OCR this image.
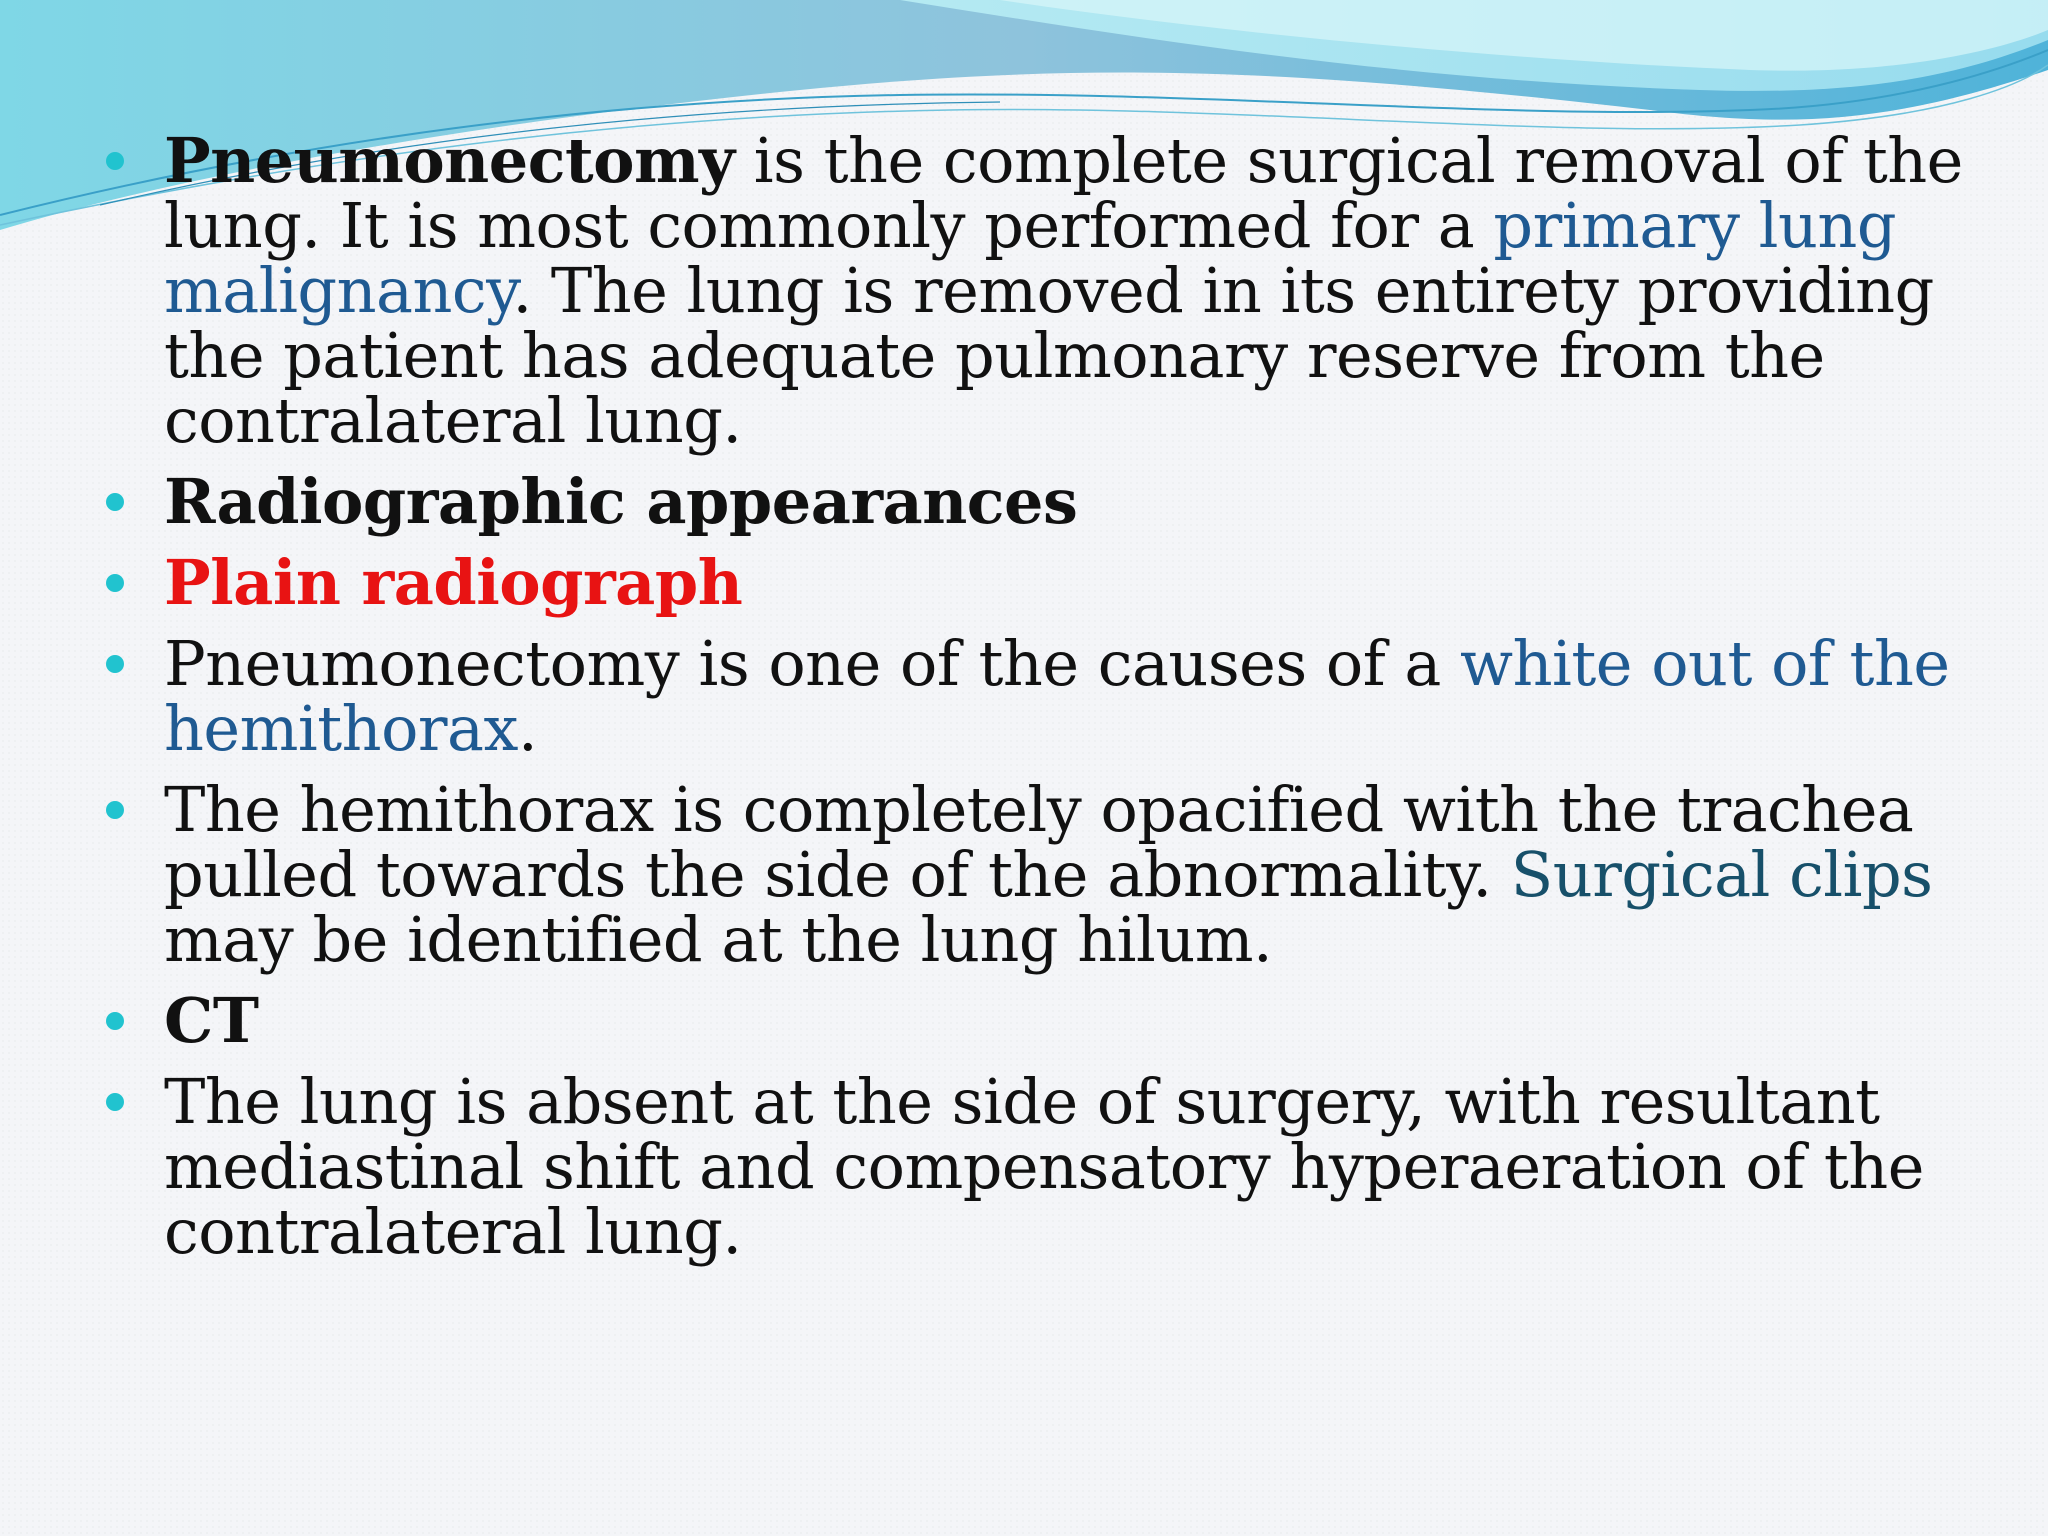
Pneumonectomy is the complete surgical removal of the lung. It is most commonly performed for a primary lung malignancy. The lung is removed in its entirety providing the patient has adequate pulmonary reserve from the contralateral lung.
Radiographic appearances
Plain radiograph
Pneumonectomy is one of the causes of a white out of the hemithorax.
The hemithorax is completely opacified with the trachea pulled towards the side of the abnormality. Surgical clips may be identified at the lung hilum.
CT
The lung is absent at the side of surgery, with resultant mediastinal shift and compensatory hyperaeration of the contralateral lung.
